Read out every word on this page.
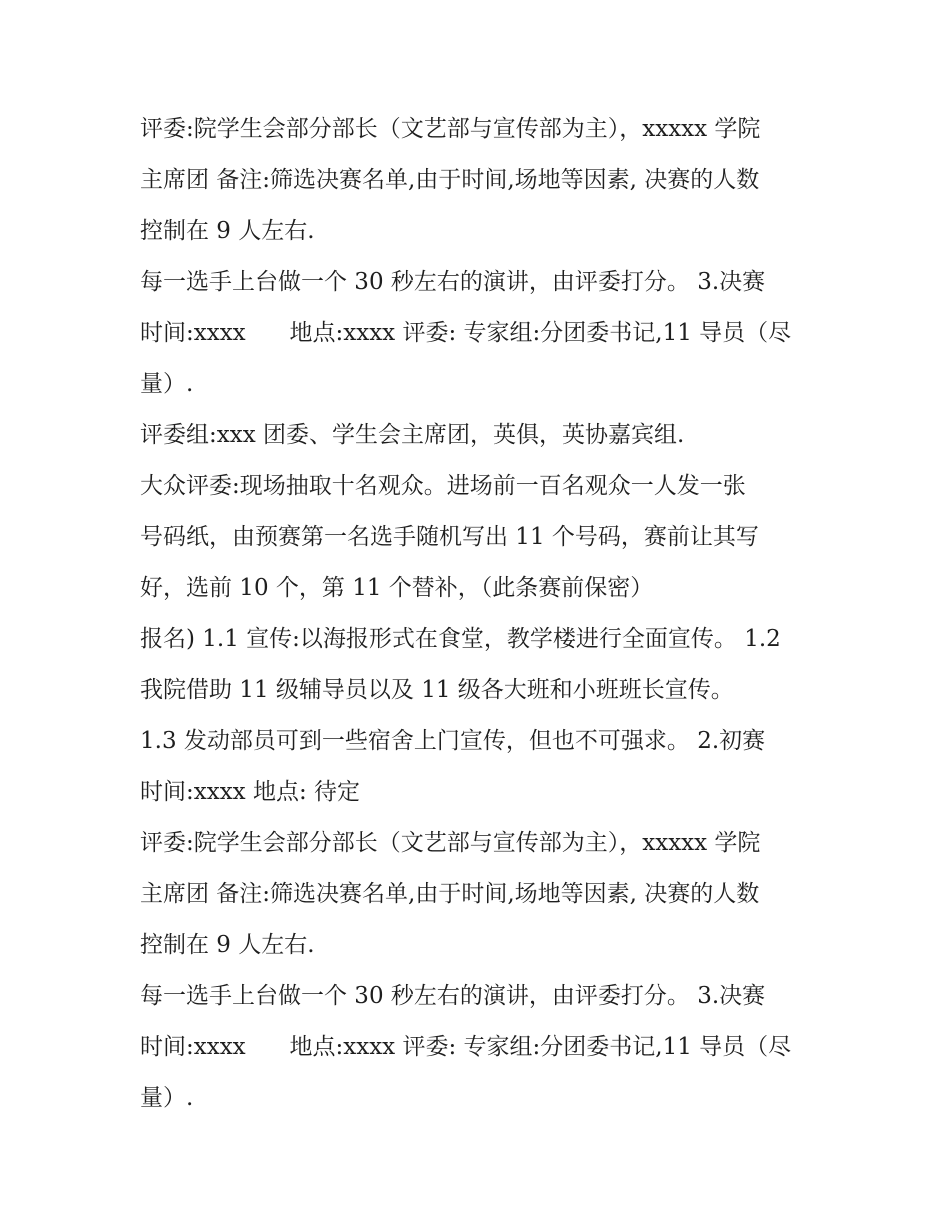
评委:院学生会部分部长（文艺部与宣传部为主），xxxxx 学院
主席团 备注:筛选决赛名单,由于时间,场地等因素, 决赛的人数
控制在 9 人左右.
每一选手上台做一个 30 秒左右的演讲，由评委打分。 3.决赛
时间:xxxx      地点:xxxx 评委: 专家组:分团委书记,11 导员（尽
量）.
评委组:xxx 团委、学生会主席团，英俱，英协嘉宾组.
大众评委:现场抽取十名观众。进场前一百名观众一人发一张
号码纸，由预赛第一名选手随机写出 11 个号码，赛前让其写
好，选前 10 个，第 11 个替补，（此条赛前保密）
报名) 1.1 宣传:以海报形式在食堂，教学楼进行全面宣传。 1.2
我院借助 11 级辅导员以及 11 级各大班和小班班长宣传。
1.3 发动部员可到一些宿舍上门宣传，但也不可强求。 2.初赛
时间:xxxx 地点: 待定
评委:院学生会部分部长（文艺部与宣传部为主），xxxxx 学院
主席团 备注:筛选决赛名单,由于时间,场地等因素, 决赛的人数
控制在 9 人左右.
每一选手上台做一个 30 秒左右的演讲，由评委打分。 3.决赛
时间:xxxx      地点:xxxx 评委: 专家组:分团委书记,11 导员（尽
量）.
